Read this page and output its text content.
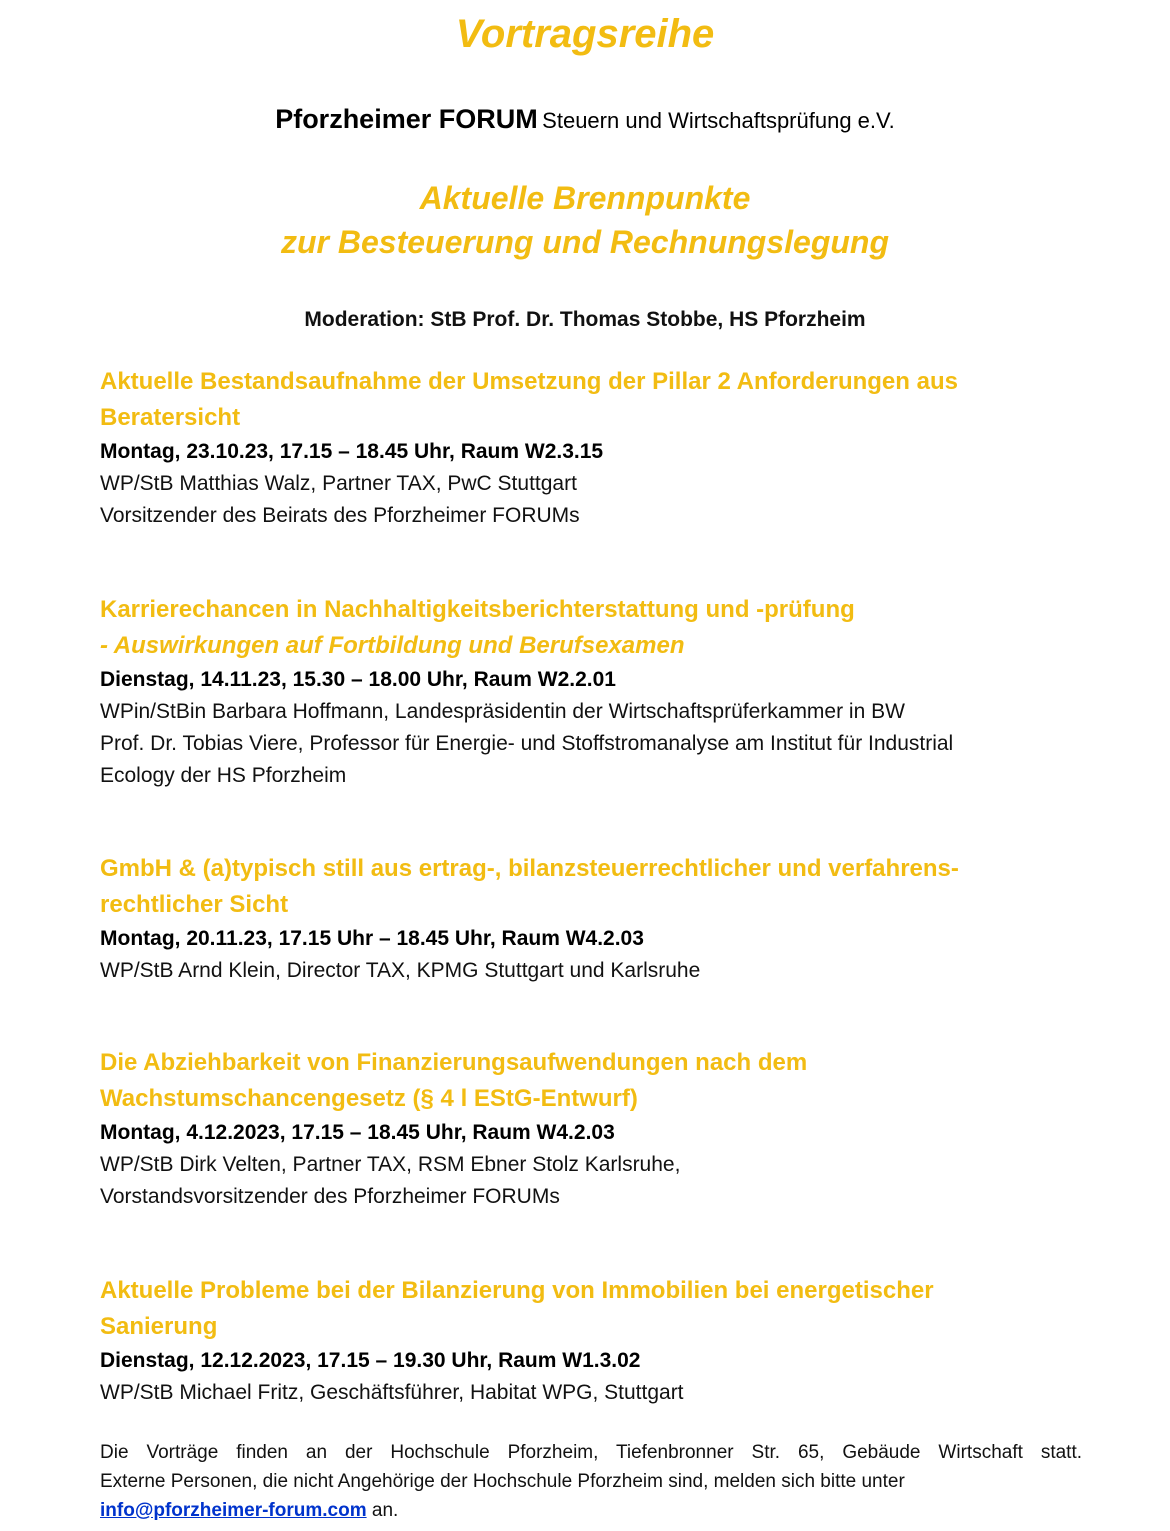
Vortragsreihe

Pforzheimer FORUM Steuern und Wirtschaftsprüfung e.V.

Aktuelle Brennpunkte
zur Besteuerung und Rechnungslegung

Moderation: StB Prof. Dr. Thomas Stobbe, HS Pforzheim

Aktuelle Bestandsaufnahme der Umsetzung der Pillar 2 Anforderungen aus
Beratersicht

Montag, 23.10.23, 17.15 – 18.45 Uhr, Raum W2.3.15

WP/StB Matthias Walz, Partner TAX, PwC Stuttgart

Vorsitzender des Beirats des Pforzheimer FORUMs

Karrierechancen in Nachhaltigkeitsberichterstattung und -prüfung
- Auswirkungen auf Fortbildung und Berufsexamen

Dienstag, 14.11.23, 15.30 – 18.00 Uhr, Raum W2.2.01

WPin/StBin Barbara Hoffmann, Landespräsidentin der Wirtschaftsprüferkammer in BW

Prof. Dr. Tobias Viere, Professor für Energie- und Stoffstromanalyse am Institut für Industrial

Ecology der HS Pforzheim

GmbH & (a)typisch still aus ertrag-, bilanzsteuerrechtlicher und verfahrens-
rechtlicher Sicht

Montag, 20.11.23, 17.15 Uhr – 18.45 Uhr, Raum W4.2.03

WP/StB Arnd Klein, Director TAX, KPMG Stuttgart und Karlsruhe

Die Abziehbarkeit von Finanzierungsaufwendungen nach dem
Wachstumschancengesetz (§ 4 l EStG-Entwurf)

Montag, 4.12.2023, 17.15 – 18.45 Uhr, Raum W4.2.03

WP/StB Dirk Velten, Partner TAX, RSM Ebner Stolz Karlsruhe,

Vorstandsvorsitzender des Pforzheimer FORUMs

Aktuelle Probleme bei der Bilanzierung von Immobilien bei energetischer
Sanierung

Dienstag, 12.12.2023, 17.15 – 19.30 Uhr, Raum W1.3.02

WP/StB Michael Fritz, Geschäftsführer, Habitat WPG, Stuttgart

Die Vorträge finden an der Hochschule Pforzheim, Tiefenbronner Str. 65, Gebäude Wirtschaft statt.

Externe Personen, die nicht Angehörige der Hochschule Pforzheim sind, melden sich bitte unter

info@pforzheimer-forum.com an.
